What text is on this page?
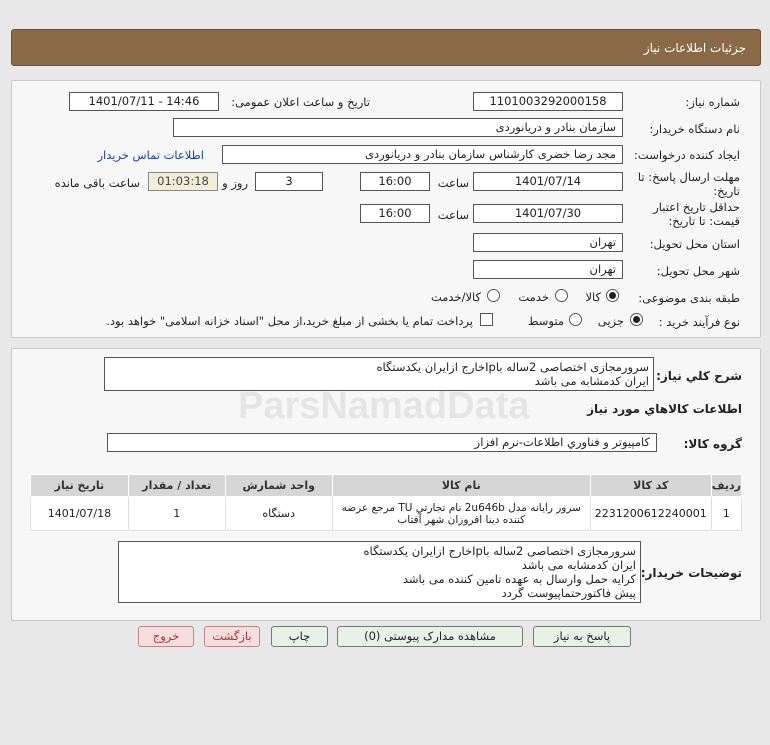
جزئیات اطلاعات نیاز
شماره نیاز:
1101003292000158
تاریخ و ساعت اعلان عمومی:
1401/07/11 - 14:46
نام دستگاه خریدار:
سازمان بنادر و دریانوردی
ایجاد کننده درخواست:
مجد رضا خضری کارشناس سازمان بنادر و دریانوردی
اطلاعات تماس خریدار
مهلت ارسال پاسخ: تا
تاریخ:
1401/07/14
ساعت
16:00
3
روز و
01:03:18
ساعت باقی مانده
حداقل تاریخ اعتبار
قیمت: تا تاریخ:
1401/07/30
ساعت
16:00
استان محل تحویل:
تهران
شهر محل تحویل:
تهران
طبقه بندی موضوعی:
کالا
خدمت
کالا/خدمت
نوع فرآیند خرید :
جزیی
متوسط
پرداخت تمام یا بخشی از مبلغ خرید،از محل "اسناد خزانه اسلامی" خواهد بود.
شرح کلي نياز:
سرورمجازی اختصاصی 2ساله باIpخارج ازایران یکدستگاه
ایران کدمشابه می باشد
اطلاعات کالاهاي مورد نياز
گروه کالا:
کامپيوتر و فناوري اطلاعات-نرم افزار
رديف	کد کالا	نام کالا	واحد شمارش	تعداد / مقدار	تاريخ نياز
1	2231200612240001	سرور رايانه مدل 2u646b نام تجارتي TU مرجع عرضه کننده دينا افروزان شهر آفتاب	دستگاه	1	1401/07/18
توضیحات خریدار:
سرورمجازی اختصاصی 2ساله باIpخارج ازایران یکدستگاه
ایران کدمشابه می باشد
کرایه حمل وارسال به عهده تامین کننده می باشد
پیش فاکتورحتماپیوست گردد
پاسخ به نیاز
مشاهده مدارک پیوستی (0)
چاپ
بازگشت
خروج
